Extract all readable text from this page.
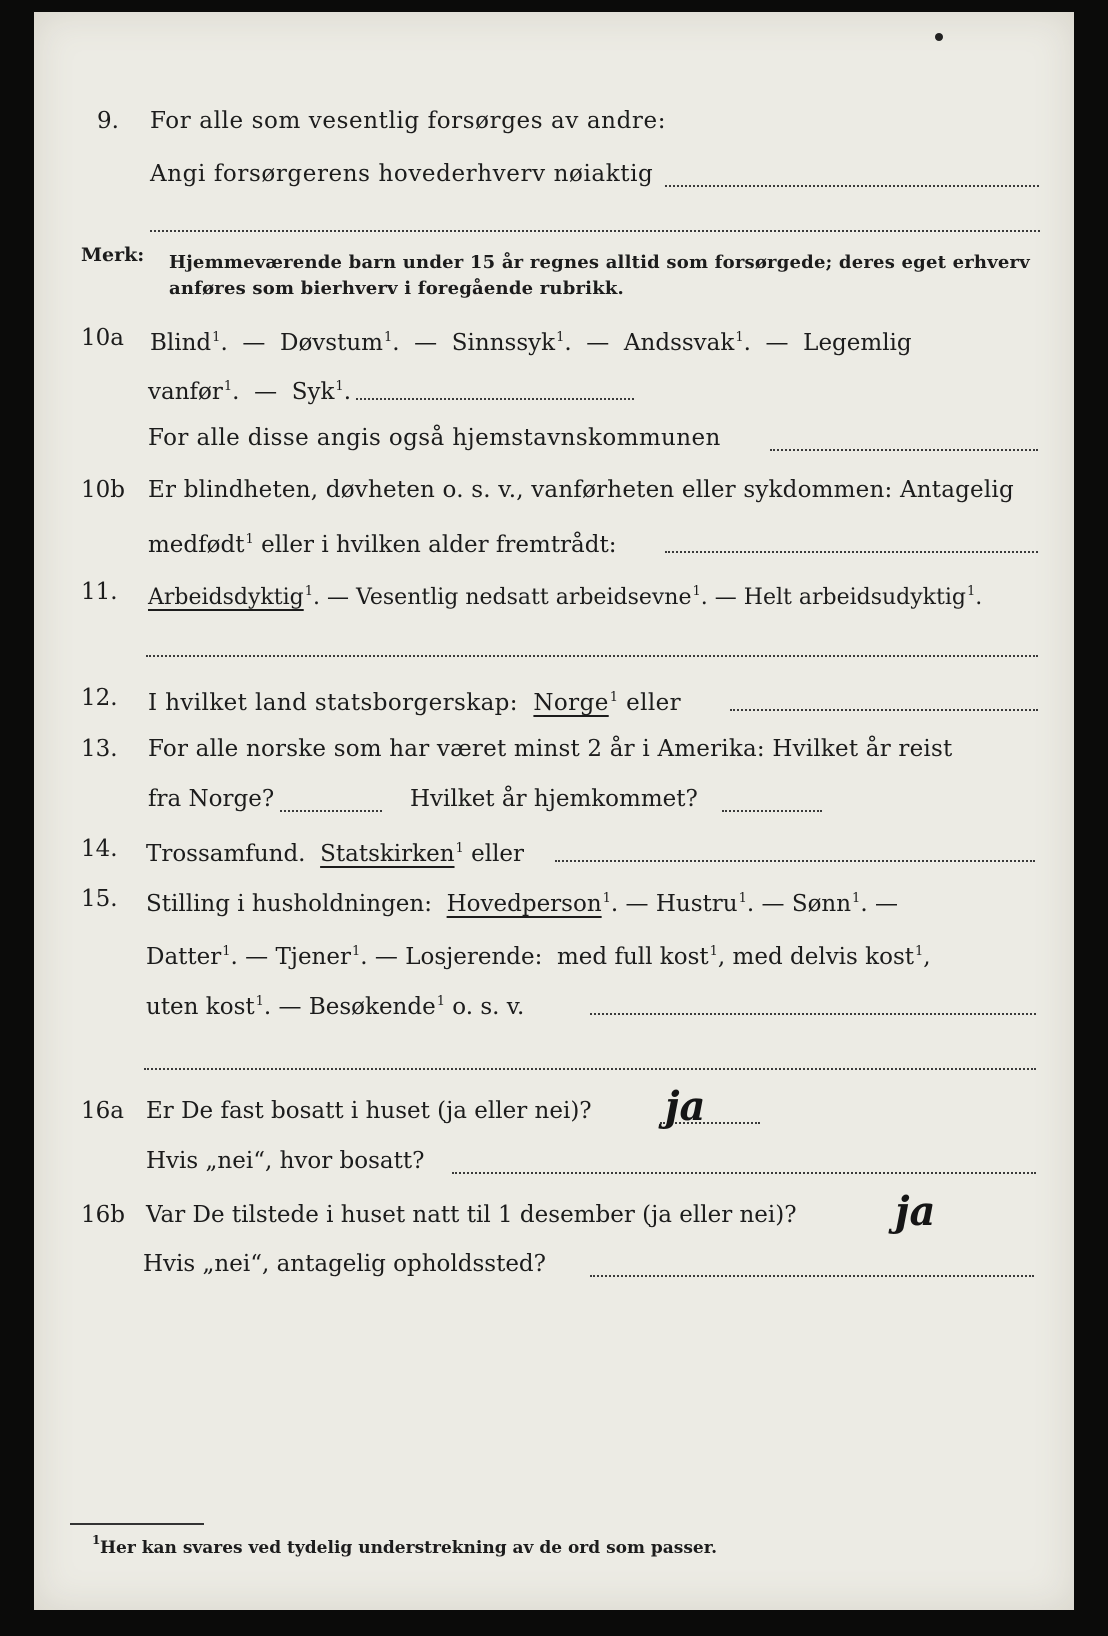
9. For alle som vesentlig forsørges av andre:
Angi forsørgerens hovederhverv nøiaktig
Merk: Hjemmeværende barn under 15 år regnes alltid som forsørgede; deres eget erhverv
anføres som bierhverv i foregående rubrikk.
10a Blind$^1$.  — Døvstum$^1$.  — Sinnssyk$^1$.  — Andssvak$^1$.  — Legemlig
vanfør$^1$.  — Syk$^1$.
For alle disse angis også hjemstavnskommunen
10b Er blindheten, døvheten o. s. v., vanførheten eller sykdommen: Antagelig
medfødt$^1$ eller i hvilken alder fremtrådt:
11. Arbeidsdyktig$^1$. — Vesentlig nedsatt arbeidsevne$^1$. — Helt arbeidsudyktig$^1$.
12. I hvilket land statsborgerskap: Norge$^1$ eller
13. For alle norske som har været minst 2 år i Amerika: Hvilket år reist
fra Norge?	Hvilket år hjemkommet?
14. Trossamfund. Statskirken$^1$ eller
15. Stilling i husholdningen: Hovedperson$^1$. — Hustru$^1$. — Sønn$^1$. —
Datter$^1$. — Tjener$^1$. — Losjerende: med full kost$^1$, med delvis kost$^1$,
uten kost$^1$. — Besøkende$^1$ o. s. v.
16a Er De fast bosatt i huset (ja eller nei)? ja
Hvis „nei“, hvor bosatt?
16b Var De tilstede i huset natt til 1 desember (ja eller nei)? ja
Hvis „nei“, antagelig opholdssted?
1 Her kan svares ved tydelig understrekning av de ord som passer.
